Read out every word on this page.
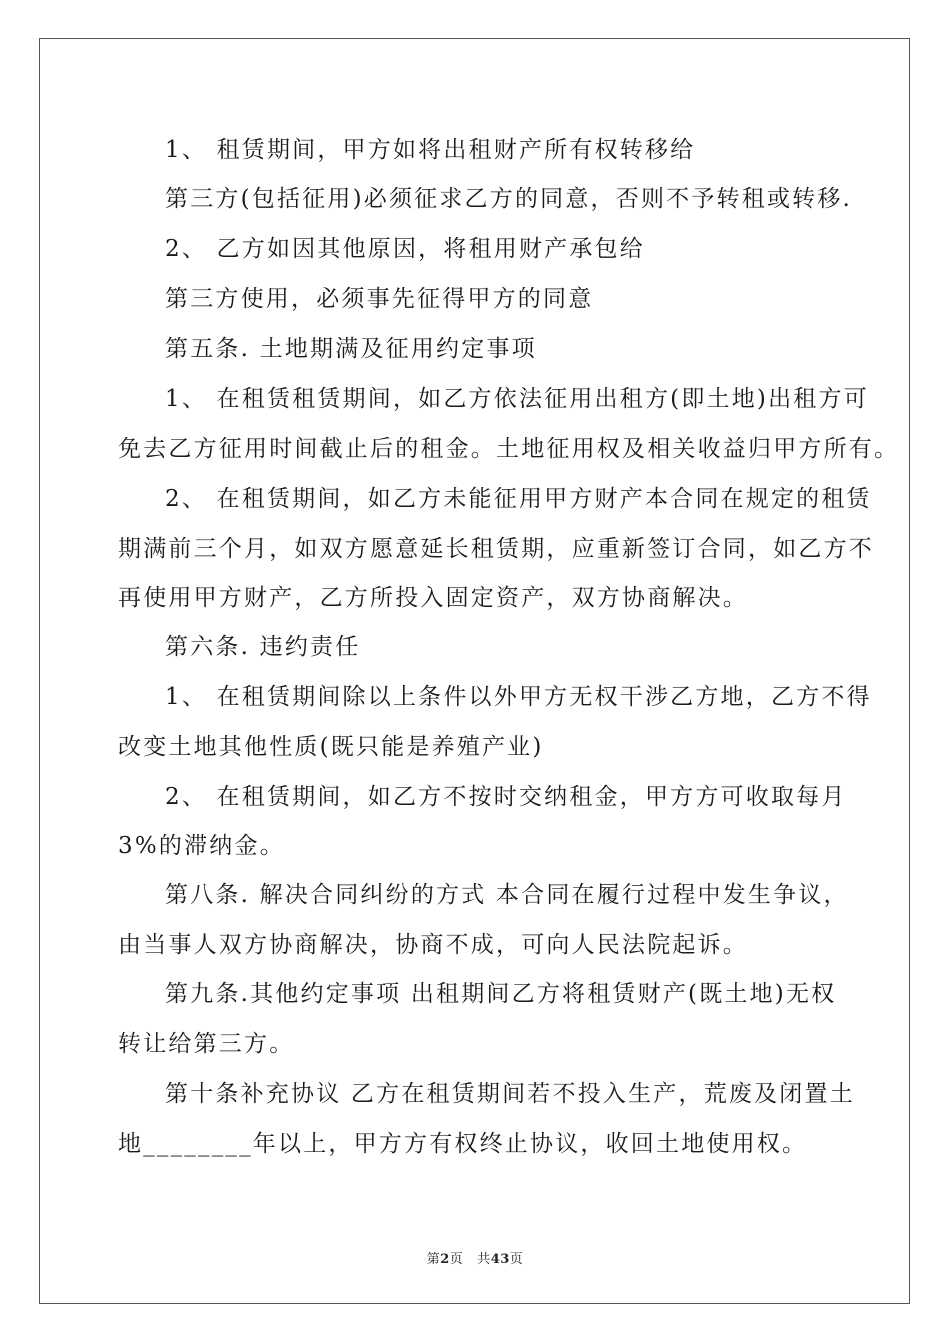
1、 租赁期间，甲方如将出租财产所有权转移给
第三方(包括征用)必须征求乙方的同意，否则不予转租或转移.
2、 乙方如因其他原因，将租用财产承包给
第三方使用，必须事先征得甲方的同意
第五条. 土地期满及征用约定事项
1、 在租赁租赁期间，如乙方依法征用出租方(即土地)出租方可
免去乙方征用时间截止后的租金。土地征用权及相关收益归甲方所有。
2、 在租赁期间，如乙方未能征用甲方财产本合同在规定的租赁
期满前三个月，如双方愿意延长租赁期，应重新签订合同，如乙方不
再使用甲方财产，乙方所投入固定资产，双方协商解决。
第六条. 违约责任
1、 在租赁期间除以上条件以外甲方无权干涉乙方地，乙方不得
改变土地其他性质(既只能是养殖产业)
2、 在租赁期间，如乙方不按时交纳租金，甲方方可收取每月
3%的滞纳金。
第八条. 解决合同纠纷的方式 本合同在履行过程中发生争议，
由当事人双方协商解决，协商不成，可向人民法院起诉。
第九条.其他约定事项 出租期间乙方将租赁财产(既土地)无权
转让给第三方。
第十条补充协议 乙方在租赁期间若不投入生产，荒废及闭置土
地________年以上，甲方方有权终止协议，收回土地使用权。
第2页 共43页
